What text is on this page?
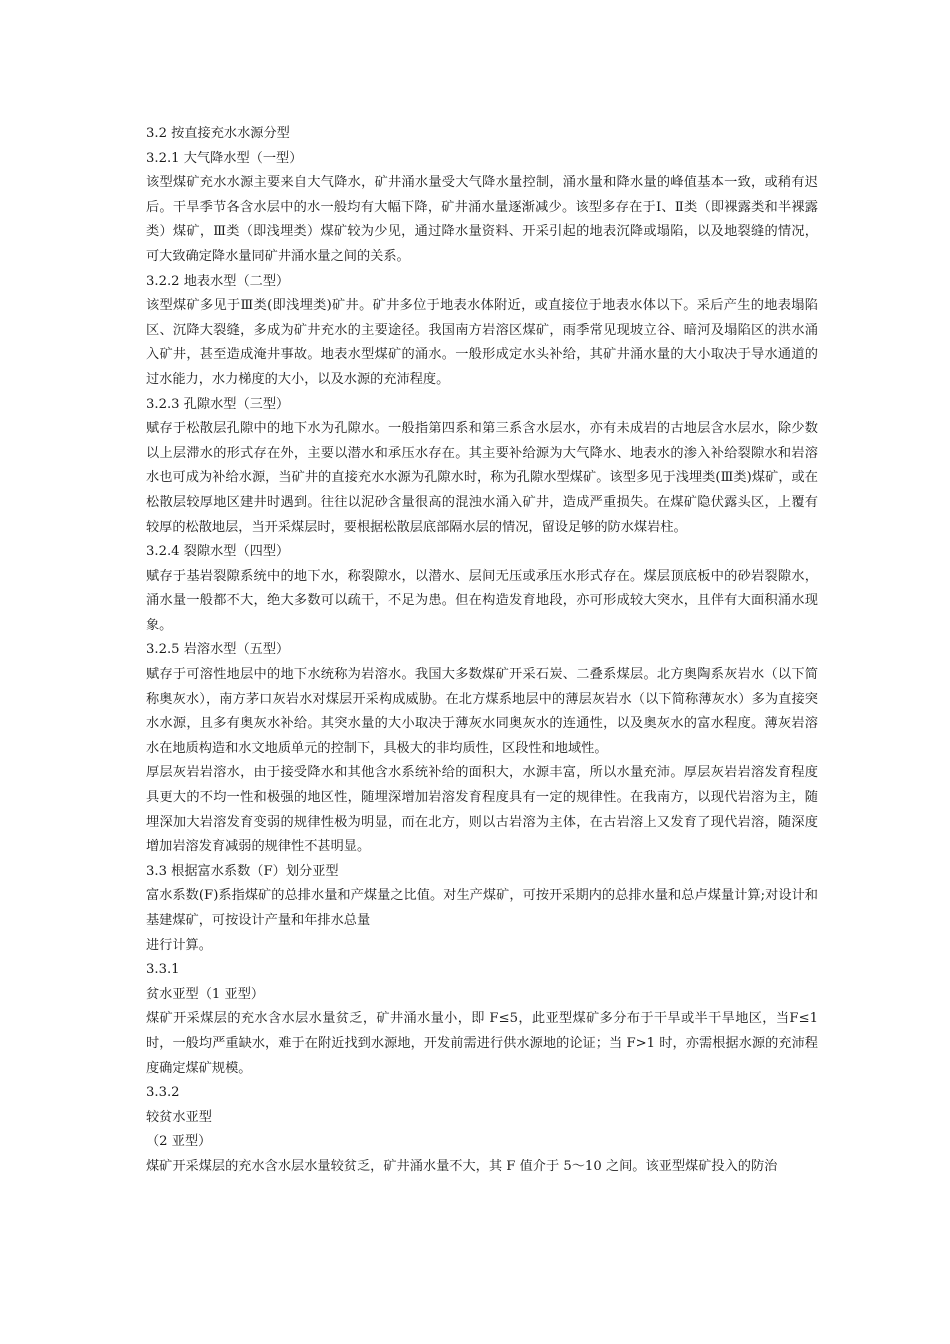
3.2 按直接充水水源分型

3.2.1 大气降水型（一型）

该型煤矿充水水源主要来自大气降水，矿井涌水量受大气降水量控制，涌水量和降水量的峰值基本一致，或稍有迟后。干旱季节各含水层中的水一般均有大幅下降，矿井涌水量逐渐减少。该型多存在于Ⅰ、Ⅱ类（即裸露类和半裸露类）煤矿，Ⅲ类（即浅埋类）煤矿较为少见，通过降水量资料、开采引起的地表沉降或塌陷，以及地裂缝的情况，可大致确定降水量同矿井涌水量之间的关系。

3.2.2 地表水型（二型）

该型煤矿多见于Ⅲ类(即浅埋类)矿井。矿井多位于地表水体附近，或直接位于地表水体以下。采后产生的地表塌陷区、沉降大裂缝，多成为矿井充水的主要途径。我国南方岩溶区煤矿，雨季常见现坡立谷、暗河及塌陷区的洪水涌入矿井，甚至造成淹井事故。地表水型煤矿的涌水。一般形成定水头补给，其矿井涌水量的大小取决于导水通道的过水能力，水力梯度的大小，以及水源的充沛程度。

3.2.3 孔隙水型（三型）

赋存于松散层孔隙中的地下水为孔隙水。一般指第四系和第三系含水层水，亦有未成岩的古地层含水层水，除少数以上层滞水的形式存在外，主要以潜水和承压水存在。其主要补给源为大气降水、地表水的渗入补给裂隙水和岩溶水也可成为补给水源，当矿井的直接充水水源为孔隙水时，称为孔隙水型煤矿。该型多见于浅埋类(Ⅲ类)煤矿，或在松散层较厚地区建井时遇到。往往以泥砂含量很高的混浊水涌入矿井，造成严重损失。在煤矿隐伏露头区，上覆有较厚的松散地层，当开采煤层时，要根据松散层底部隔水层的情况，留设足够的防水煤岩柱。

3.2.4 裂隙水型（四型）

赋存于基岩裂隙系统中的地下水，称裂隙水，以潜水、层间无压或承压水形式存在。煤层顶底板中的砂岩裂隙水，涌水量一般都不大，绝大多数可以疏干，不足为患。但在构造发育地段，亦可形成较大突水，且伴有大面积涌水现象。

3.2.5 岩溶水型（五型）

赋存于可溶性地层中的地下水统称为岩溶水。我国大多数煤矿开采石炭、二叠系煤层。北方奥陶系灰岩水（以下简称奥灰水），南方茅口灰岩水对煤层开采构成威胁。在北方煤系地层中的薄层灰岩水（以下简称薄灰水）多为直接突水水源，且多有奥灰水补给。其突水量的大小取决于薄灰水同奥灰水的连通性，以及奥灰水的富水程度。薄灰岩溶水在地质构造和水文地质单元的控制下，具极大的非均质性，区段性和地域性。

厚层灰岩岩溶水，由于接受降水和其他含水系统补给的面积大，水源丰富，所以水量充沛。厚层灰岩岩溶发育程度具更大的不均一性和极强的地区性，随埋深增加岩溶发育程度具有一定的规律性。在我南方，以现代岩溶为主，随埋深加大岩溶发育变弱的规律性极为明显，而在北方，则以古岩溶为主体，在古岩溶上又发育了现代岩溶，随深度增加岩溶发育减弱的规律性不甚明显。

3.3 根据富水系数（F）划分亚型

富水系数(F)系指煤矿的总排水量和产煤量之比值。对生产煤矿，可按开采期内的总排水量和总卢煤量计算;对设计和基建煤矿，可按设计产量和年排水总量

进行计算。

3.3.1

贫水亚型（1 亚型）

煤矿开采煤层的充水含水层水量贫乏，矿井涌水量小，即 F≤5，此亚型煤矿多分布于干旱或半干旱地区，当F≤1 时，一般均严重缺水，难于在附近找到水源地，开发前需进行供水源地的论证；当 F>1 时，亦需根据水源的充沛程度确定煤矿规模。

3.3.2

较贫水亚型

（2 亚型）

煤矿开采煤层的充水含水层水量较贫乏，矿井涌水量不大，其 F 值介于 5～10 之间。该亚型煤矿投入的防治
